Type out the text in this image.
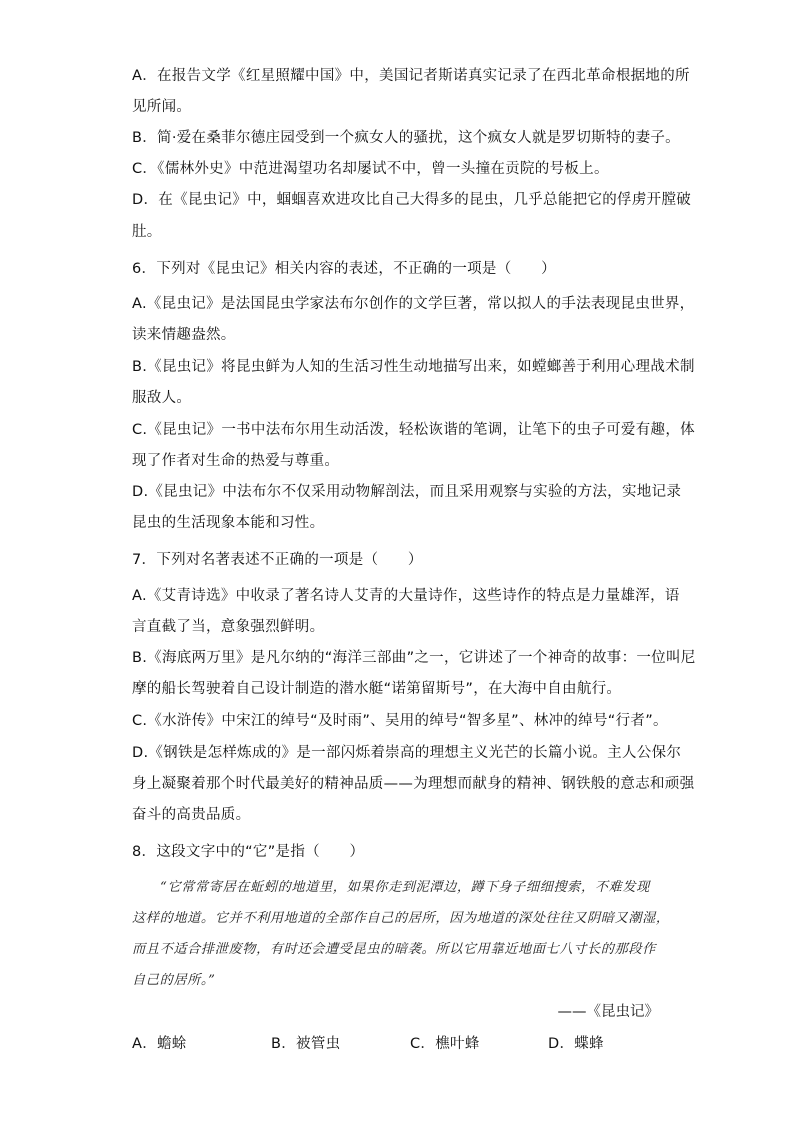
A．在报告文学《红星照耀中国》中，美国记者斯诺真实记录了在西北革命根据地的所
见所闻。
B．简·爱在桑菲尔德庄园受到一个疯女人的骚扰，这个疯女人就是罗切斯特的妻子。
C．《儒林外史》中范进渴望功名却屡试不中，曾一头撞在贡院的号板上。
D．在《昆虫记》中，蝈蝈喜欢进攻比自己大得多的昆虫，几乎总能把它的俘虏开膛破
肚。
6．下列对《昆虫记》相关内容的表述，不正确的一项是（　　）
A.《昆虫记》是法国昆虫学家法布尔创作的文学巨著，常以拟人的手法表现昆虫世界，
读来情趣盎然。
B.《昆虫记》将昆虫鲜为人知的生活习性生动地描写出来，如螳螂善于利用心理战术制
服敌人。
C.《昆虫记》一书中法布尔用生动活泼，轻松诙谐的笔调，让笔下的虫子可爱有趣，体
现了作者对生命的热爱与尊重。
D.《昆虫记》中法布尔不仅采用动物解剖法，而且采用观察与实验的方法，实地记录
昆虫的生活现象本能和习性。
7．下列对名著表述不正确的一项是（　　）
A.《艾青诗选》中收录了著名诗人艾青的大量诗作，这些诗作的特点是力量雄浑，语
言直截了当，意象强烈鲜明。
B.《海底两万里》是凡尔纳的“海洋三部曲”之一，它讲述了一个神奇的故事：一位叫尼
摩的船长驾驶着自己设计制造的潜水艇“诺第留斯号”，在大海中自由航行。
C.《水浒传》中宋江的绰号“及时雨”、吴用的绰号“智多星”、林冲的绰号“行者”。
D.《钢铁是怎样炼成的》是一部闪烁着崇高的理想主义光芒的长篇小说。主人公保尔
身上凝聚着那个时代最美好的精神品质——为理想而献身的精神、钢铁般的意志和顽强
奋斗的高贵品质。
8．这段文字中的“它”是指（　　）
“它常常寄居在蚯蚓的地道里，如果你走到泥潭边，蹲下身子细细搜索，不难发现
这样的地道。它并不利用地道的全部作自己的居所，因为地道的深处往往又阴暗又潮湿，
而且不适合排泄废物，有时还会遭受昆虫的暗袭。所以它用靠近地面七八寸长的那段作
自己的居所。”
——《昆虫记》
A．蟾蜍	B．被管虫	C．樵叶蜂	D．蝶蜂
